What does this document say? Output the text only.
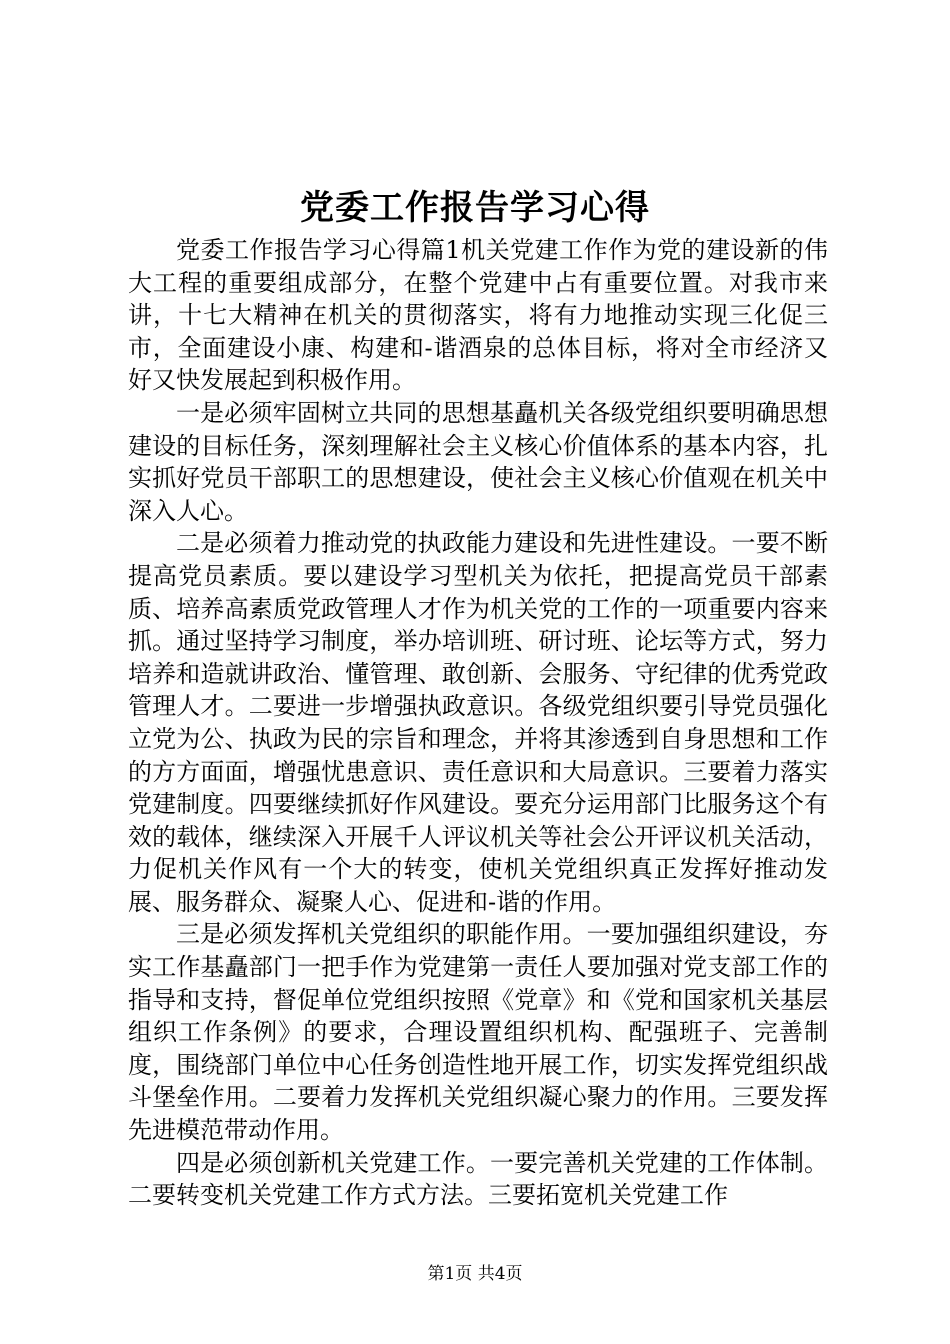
党委工作报告学习心得

党委工作报告学习心得篇1机关党建工作作为党的建设新的伟大工程的重要组成部分，在整个党建中占有重要位置。对我市来讲，十七大精神在机关的贯彻落实，将有力地推动实现三化促三市，全面建设小康、构建和-谐酒泉的总体目标，将对全市经济又好又快发展起到积极作用。

一是必须牢固树立共同的思想基矗机关各级党组织要明确思想建设的目标任务，深刻理解社会主义核心价值体系的基本内容，扎实抓好党员干部职工的思想建设，使社会主义核心价值观在机关中深入人心。

二是必须着力推动党的执政能力建设和先进性建设。一要不断提高党员素质。要以建设学习型机关为依托，把提高党员干部素质、培养高素质党政管理人才作为机关党的工作的一项重要内容来抓。通过坚持学习制度，举办培训班、研讨班、论坛等方式，努力培养和造就讲政治、懂管理、敢创新、会服务、守纪律的优秀党政管理人才。二要进一步增强执政意识。各级党组织要引导党员强化立党为公、执政为民的宗旨和理念，并将其渗透到自身思想和工作的方方面面，增强忧患意识、责任意识和大局意识。三要着力落实党建制度。四要继续抓好作风建设。要充分运用部门比服务这个有效的载体，继续深入开展千人评议机关等社会公开评议机关活动，力促机关作风有一个大的转变，使机关党组织真正发挥好推动发展、服务群众、凝聚人心、促进和-谐的作用。

三是必须发挥机关党组织的职能作用。一要加强组织建设，夯实工作基矗部门一把手作为党建第一责任人要加强对党支部工作的指导和支持，督促单位党组织按照《党章》和《党和国家机关基层组织工作条例》的要求，合理设置组织机构、配强班子、完善制度，围绕部门单位中心任务创造性地开展工作，切实发挥党组织战斗堡垒作用。二要着力发挥机关党组织凝心聚力的作用。三要发挥先进模范带动作用。

四是必须创新机关党建工作。一要完善机关党建的工作体制。二要转变机关党建工作方式方法。三要拓宽机关党建工作

第1页 共4页
